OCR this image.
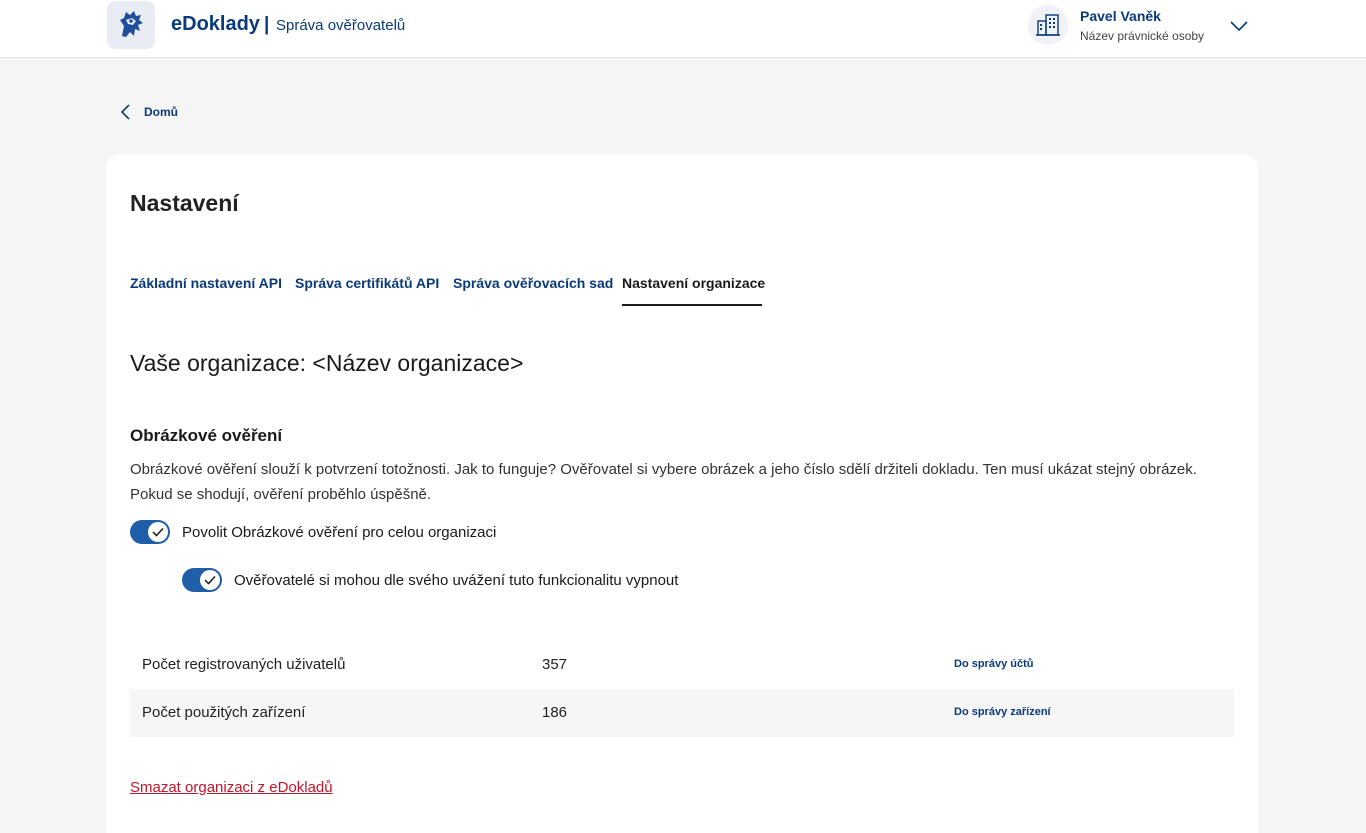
eDoklady | Správa ověřovatelů
Pavel Vaněk
Název právnické osoby
Domů
Nastavení
Základní nastavení API Správa certifikátů API Správa ověřovacích sad Nastavení organizace
Vaše organizace: <Název organizace>
Obrázkové ověření

Obrázkové ověření slouží k potvrzení totožnosti. Jak to funguje? Ověřovatel si vybere obrázek a jeho číslo sdělí držiteli dokladu. Ten musí ukázat stejný obrázek. Pokud se shodují, ověření proběhlo úspěšně.

Povolit Obrázkové ověření pro celou organizaci
Ověřovatelé si mohou dle svého uvážení tuto funkcionalitu vypnout
Počet registrovaných uživatelů	357	Do správy účtů
Počet použitých zařízení	186	Do správy zařízení
Smazat organizaci z eDokladů
